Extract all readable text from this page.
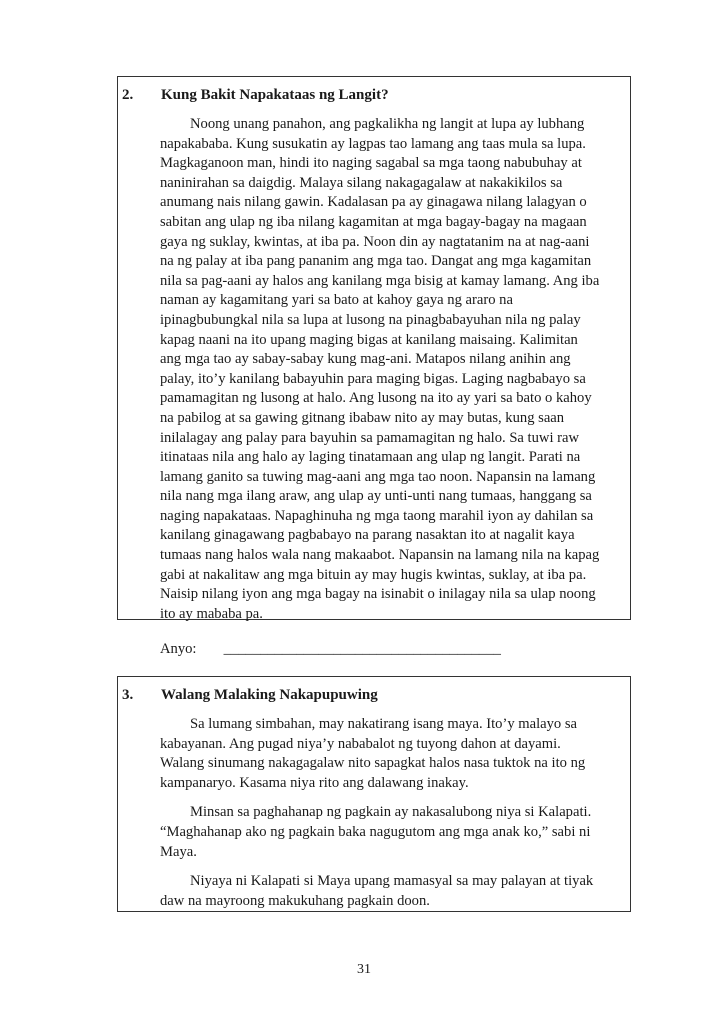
2. Kung Bakit Napakataas ng Langit?
Noong unang panahon, ang pagkalikha ng langit at lupa ay lubhang
napakababa. Kung susukatin ay lagpas tao lamang ang taas mula sa lupa.
Magkaganoon man, hindi ito naging sagabal sa mga taong nabubuhay at
naninirahan sa daigdig. Malaya silang nakagagalaw at nakakikilos sa
anumang nais nilang gawin. Kadalasan pa ay ginagawa nilang lalagyan o
sabitan ang ulap ng iba nilang kagamitan at mga bagay-bagay na magaan
gaya ng suklay, kwintas, at iba pa. Noon din ay nagtatanim na at nag-aani
na ng palay at iba pang pananim ang mga tao. Dangat ang mga kagamitan
nila sa pag-aani ay halos ang kanilang mga bisig at kamay lamang. Ang iba
naman ay kagamitang yari sa bato at kahoy gaya ng araro na
ipinagbubungkal nila sa lupa at lusong na pinagbabayuhan nila ng palay
kapag naani na ito upang maging bigas at kanilang maisaing. Kalimitan
ang mga tao ay sabay-sabay kung mag-ani. Matapos nilang anihin ang
palay, ito’y kanilang babayuhin para maging bigas. Laging nagbabayo sa
pamamagitan ng lusong at halo. Ang lusong na ito ay yari sa bato o kahoy
na pabilog at sa gawing gitnang ibabaw nito ay may butas, kung saan
inilalagay ang palay para bayuhin sa pamamagitan ng halo. Sa tuwi raw
itinataas nila ang halo ay laging tinatamaan ang ulap ng langit. Parati na
lamang ganito sa tuwing mag-aani ang mga tao noon. Napansin na lamang
nila nang mga ilang araw, ang ulap ay unti-unti nang tumaas, hanggang sa
naging napakataas. Napaghinuha ng mga taong marahil iyon ay dahilan sa
kanilang ginagawang pagbabayo na parang nasaktan ito at nagalit kaya
tumaas nang halos wala nang makaabot. Napansin na lamang nila na kapag
gabi at nakalitaw ang mga bituin ay may hugis kwintas, suklay, at iba pa.
Naisip nilang iyon ang mga bagay na isinabit o inilagay nila sa ulap noong
ito ay mababa pa.
Anyo: ______________________________________
3. Walang Malaking Nakapupuwing
Sa lumang simbahan, may nakatirang isang maya. Ito’y malayo sa
kabayanan. Ang pugad niya’y nababalot ng tuyong dahon at dayami.
Walang sinumang nakagagalaw nito sapagkat halos nasa tuktok na ito ng
kampanaryo. Kasama niya rito ang dalawang inakay.
Minsan sa paghahanap ng pagkain ay nakasalubong niya si Kalapati.
“Maghahanap ako ng pagkain baka nagugutom ang mga anak ko,” sabi ni
Maya.
Niyaya ni Kalapati si Maya upang mamasyal sa may palayan at tiyak
daw na mayroong makukuhang pagkain doon.
31
